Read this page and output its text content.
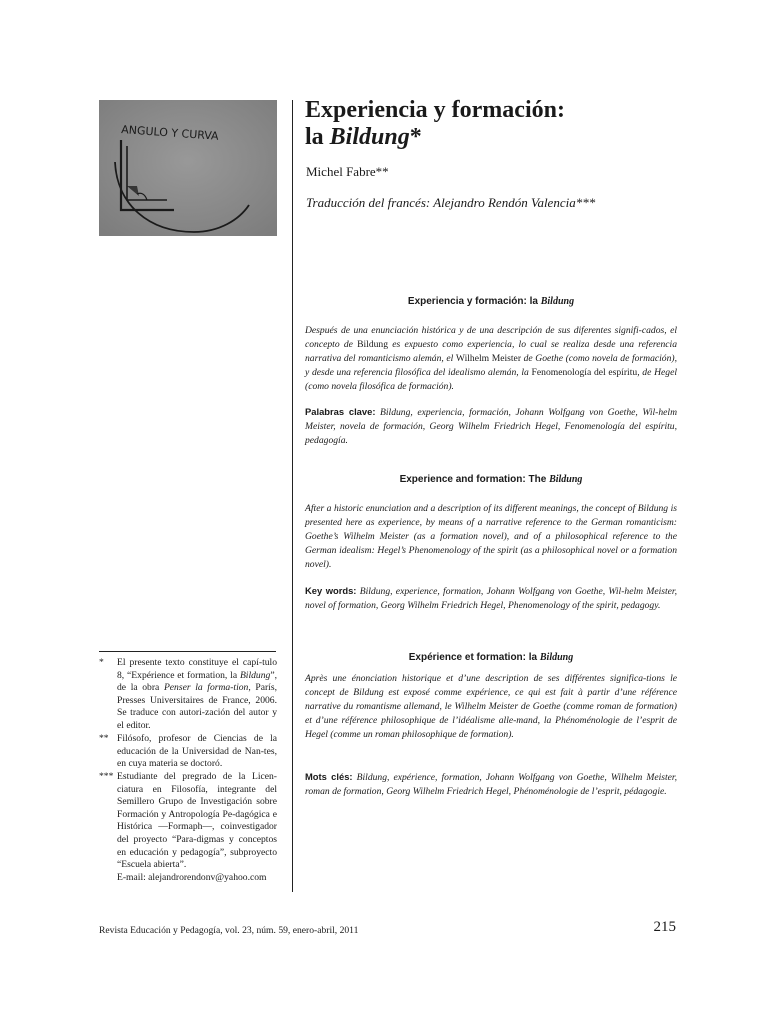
ANGULO Y CURVA
Experiencia y formación:
la Bildung*
Michel Fabre**
Traducción del francés: Alejandro Rendón Valencia***
Experiencia y formación: la Bildung

Después de una enunciación histórica y de una descripción de sus diferentes signifi-cados, el concepto de Bildung es expuesto como experiencia, lo cual se realiza desde una referencia narrativa del romanticismo alemán, el Wilhelm Meister de Goethe (como novela de formación), y desde una referencia filosófica del idealismo alemán, la Fenomenología del espíritu, de Hegel (como novela filosófica de formación).

Palabras clave: Bildung, experiencia, formación, Johann Wolfgang von Goethe, Wil-helm Meister, novela de formación, Georg Wilhelm Friedrich Hegel, Fenomenología del espíritu, pedagogía.

Experience and formation: The Bildung

After a historic enunciation and a description of its different meanings, the concept of Bildung is presented here as experience, by means of a narrative reference to the German romanticism: Goethe’s Wilhelm Meister (as a formation novel), and of a philosophical reference to the German idealism: Hegel’s Phenomenology of the spirit (as a philosophical novel or a formation novel).

Key words: Bildung, experience, formation, Johann Wolfgang von Goethe, Wil-helm Meister, novel of formation, Georg Wilhelm Friedrich Hegel, Phenomenology of the spirit, pedagogy.

Expérience et formation: la Bildung

Après une énonciation historique et d’une description de ses différentes significa-tions le concept de Bildung est exposé comme expérience, ce qui est fait à partir d’une référence narrative du romantisme allemand, le Wilhelm Meister de Goethe (comme roman de formation) et d’une référence philosophique de l’idéalisme alle-mand, la Phénoménologie de l’esprit de Hegel (comme un roman philosophique de formation).

Mots clés: Bildung, expérience, formation, Johann Wolfgang von Goethe, Wilhelm Meister, roman de formation, Georg Wilhelm Friedrich Hegel, Phénoménologie de l’esprit, pédagogie.

* El presente texto constituye el capí-tulo 8, “Expérience et formation, la Bildung”, de la obra Penser la forma-tion, París, Presses Universitaires de France, 2006. Se traduce con autori-zación del autor y el editor.
** Filósofo, profesor de Ciencias de la educación de la Universidad de Nan-tes, en cuya materia se doctoró.
*** Estudiante del pregrado de la Licen-ciatura en Filosofía, integrante del Semillero Grupo de Investigación sobre Formación y Antropología Pe-dagógica e Histórica —Formaph—, coinvestigador del proyecto “Para-digmas y conceptos en educación y pedagogía”, subproyecto “Escuela abierta”.
E-mail: alejandrorendonv@yahoo.com
Revista Educación y Pedagogía, vol. 23, núm. 59, enero-abril, 2011	215
